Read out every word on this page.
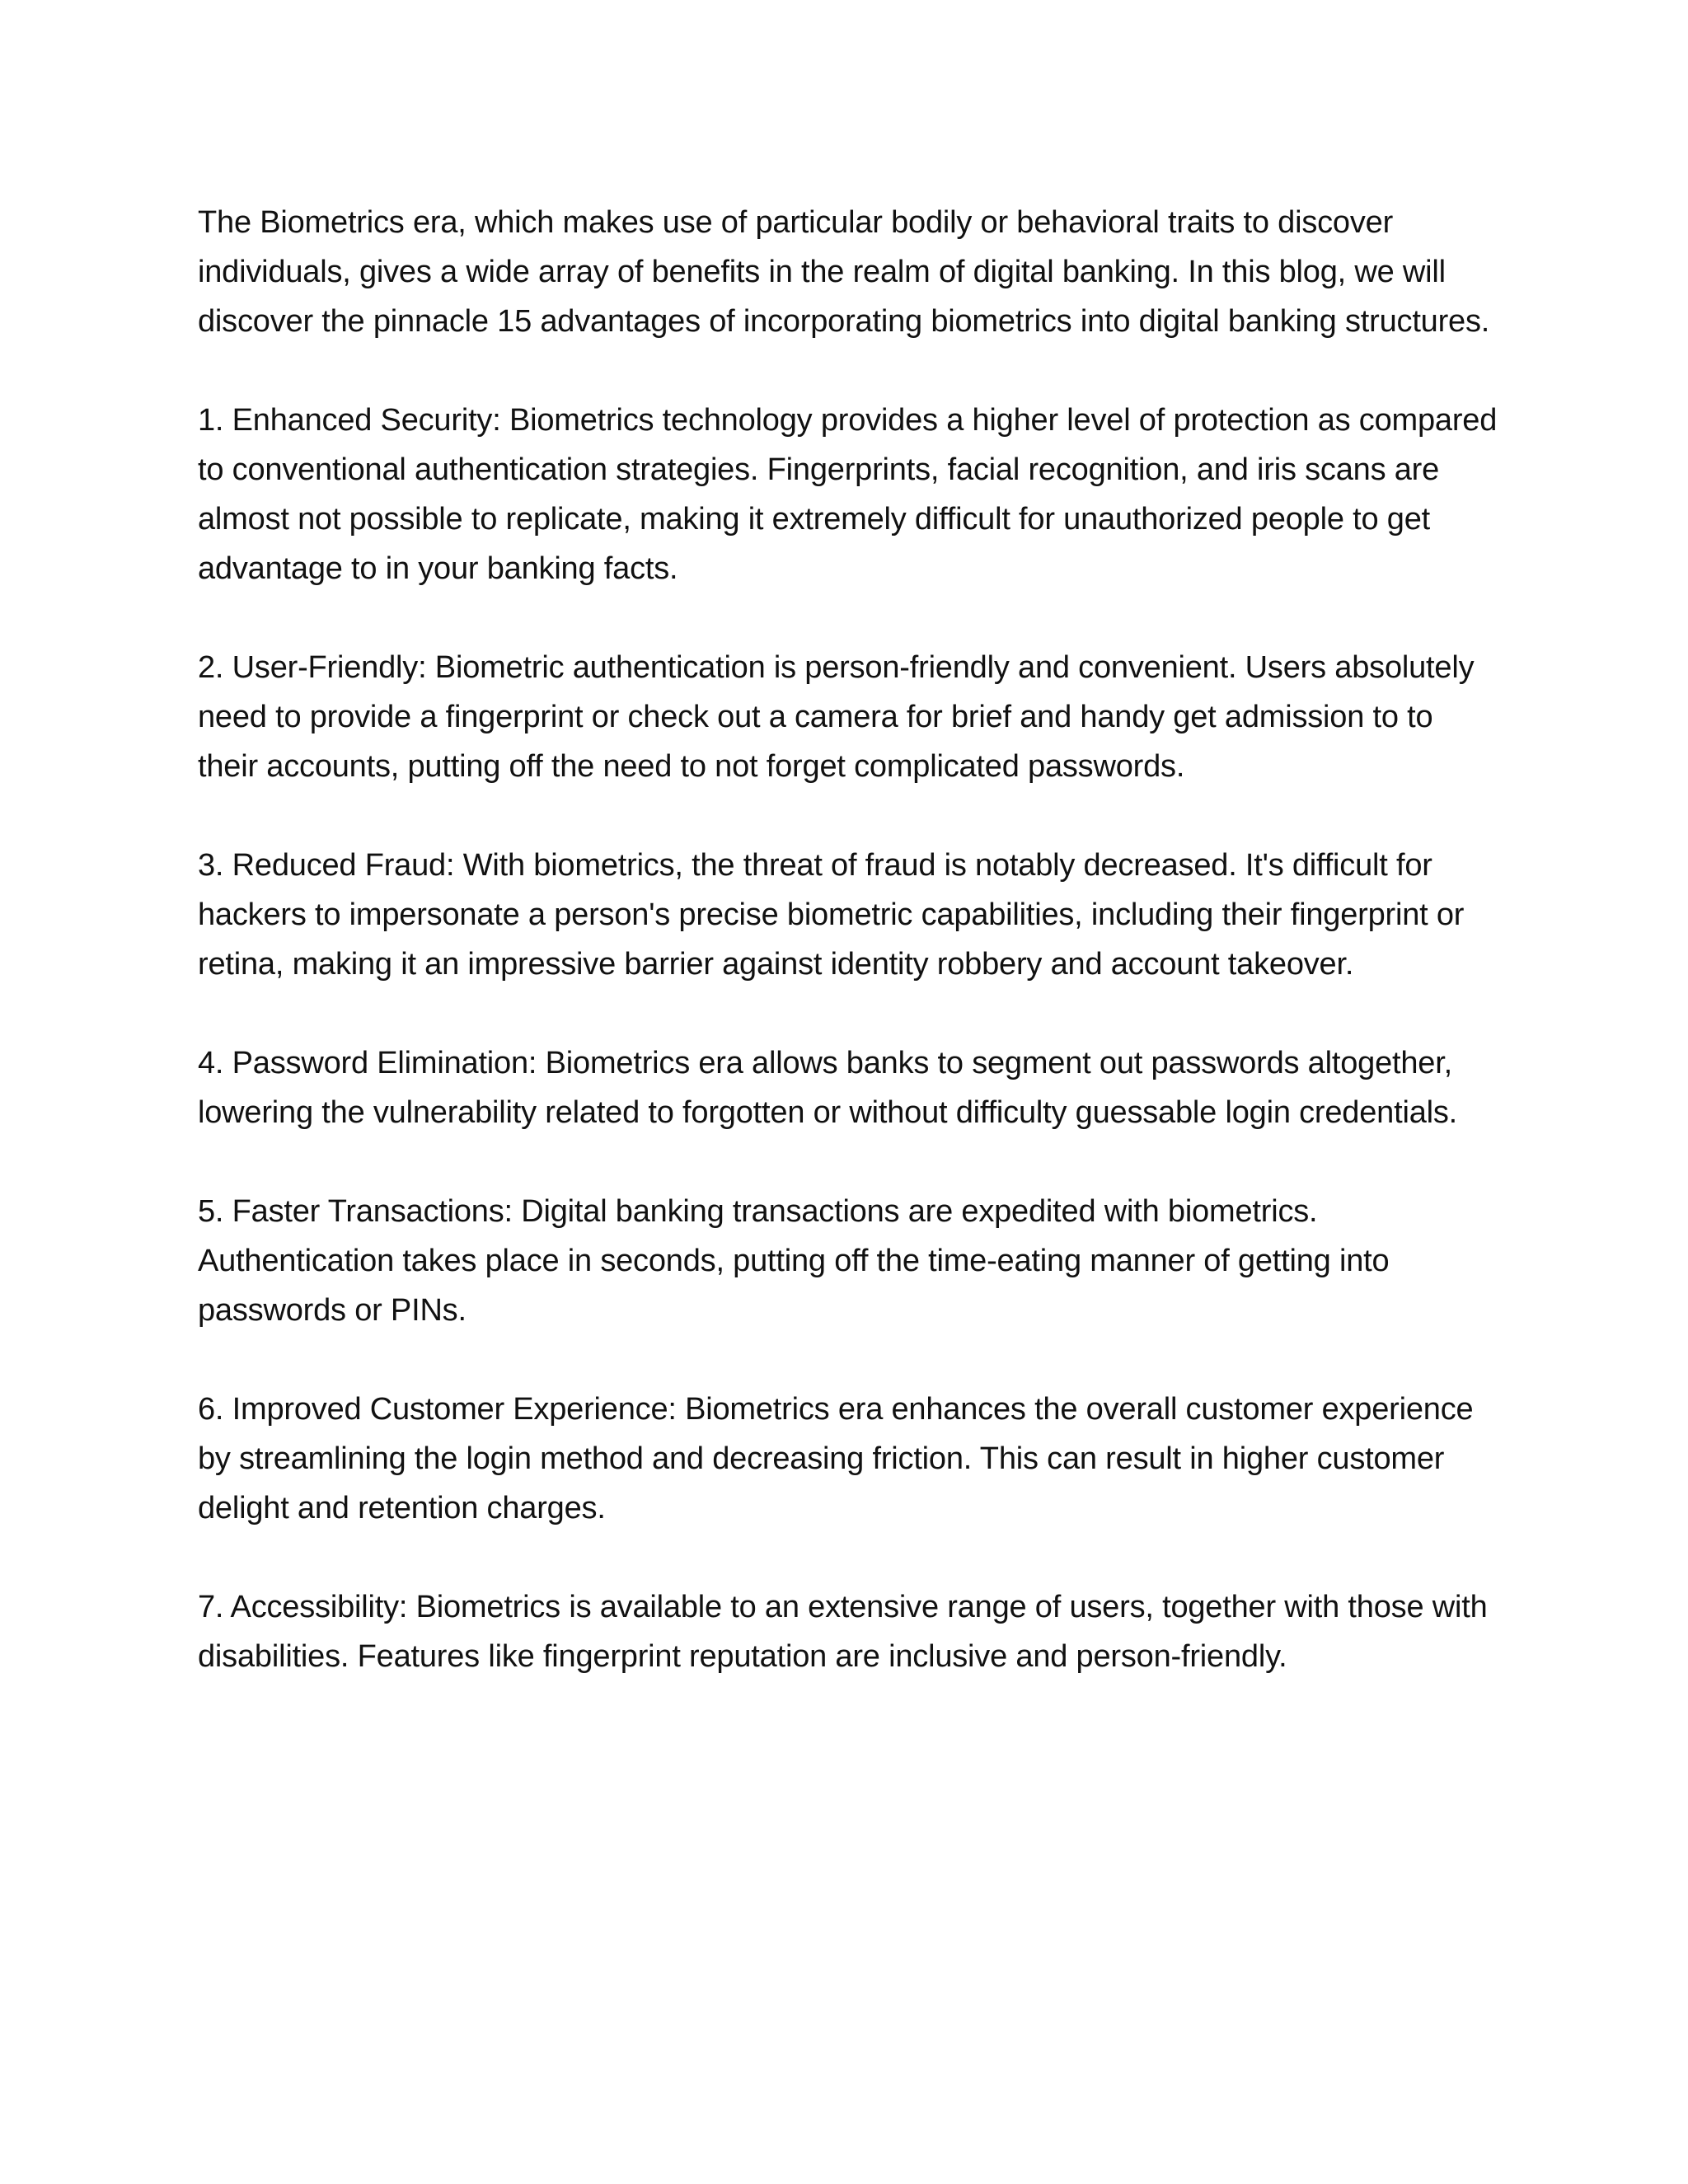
The Biometrics era, which makes use of particular bodily or behavioral traits to discover individuals, gives a wide array of benefits in the realm of digital banking. In this blog, we will discover the pinnacle 15 advantages of incorporating biometrics into digital banking structures.

1. Enhanced Security: Biometrics technology provides a higher level of protection as compared to conventional authentication strategies. Fingerprints, facial recognition, and iris scans are almost not possible to replicate, making it extremely difficult for unauthorized people to get advantage to in your banking facts.

2. User-Friendly: Biometric authentication is person-friendly and convenient. Users absolutely need to provide a fingerprint or check out a camera for brief and handy get admission to to their accounts, putting off the need to not forget complicated passwords.

3. Reduced Fraud: With biometrics, the threat of fraud is notably decreased. It's difficult for hackers to impersonate a person's precise biometric capabilities, including their fingerprint or retina, making it an impressive barrier against identity robbery and account takeover.

4. Password Elimination: Biometrics era allows banks to segment out passwords altogether, lowering the vulnerability related to forgotten or without difficulty guessable login credentials.

5. Faster Transactions: Digital banking transactions are expedited with biometrics. Authentication takes place in seconds, putting off the time-eating manner of getting into passwords or PINs.

6. Improved Customer Experience: Biometrics era enhances the overall customer experience by streamlining the login method and decreasing friction. This can result in higher customer delight and retention charges.

7. Accessibility: Biometrics is available to an extensive range of users, together with those with disabilities. Features like fingerprint reputation are inclusive and person-friendly.
